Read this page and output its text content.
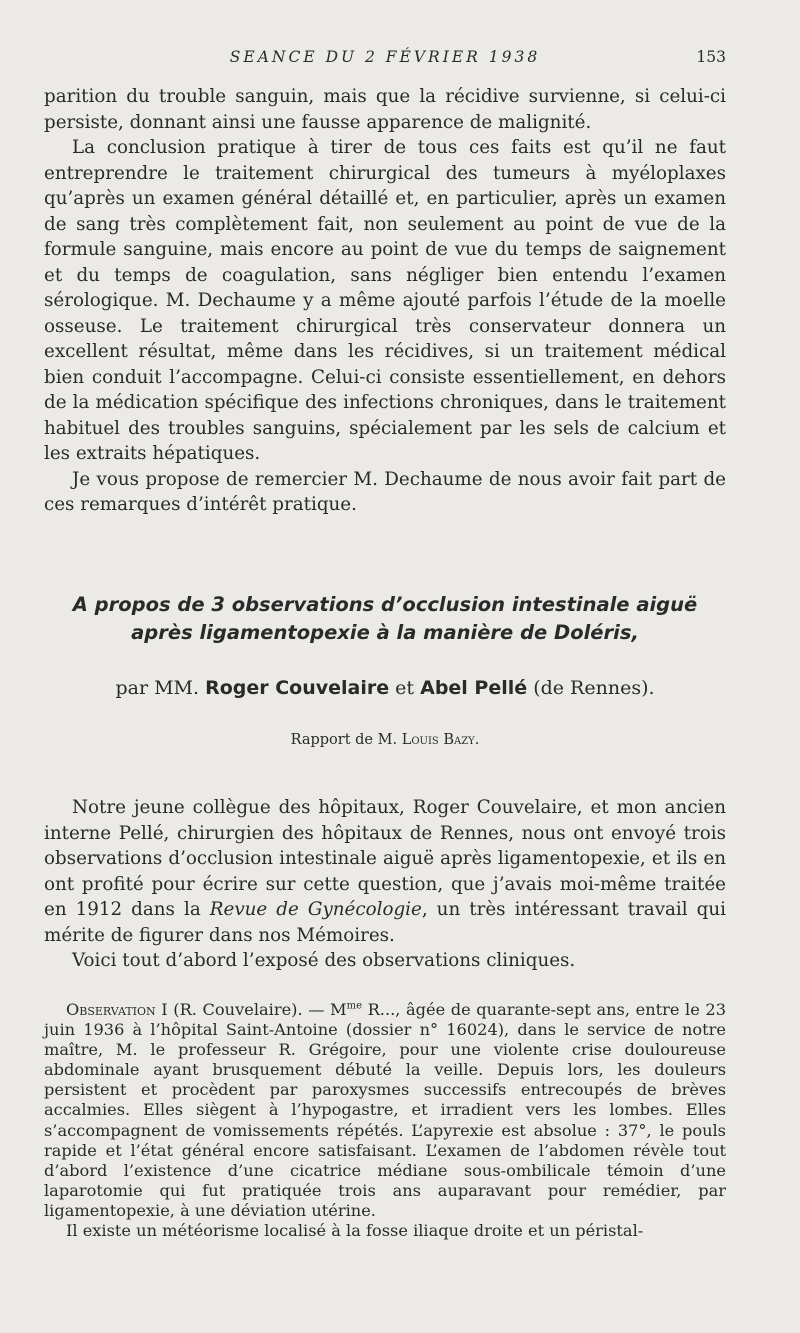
SEANCE DU 2 FÉVRIER 1938	153

parition du trouble sanguin, mais que la récidive survienne, si celui-ci persiste, donnant ainsi une fausse apparence de malignité.

La conclusion pratique à tirer de tous ces faits est qu’il ne faut entreprendre le traitement chirurgical des tumeurs à myéloplaxes qu’après un examen général détaillé et, en particulier, après un examen de sang très complètement fait, non seulement au point de vue de la formule sanguine, mais encore au point de vue du temps de saignement et du temps de coagulation, sans négliger bien entendu l’examen sérologique. M. Dechaume y a même ajouté parfois l’étude de la moelle osseuse. Le traitement chirurgical très conservateur donnera un excellent résultat, même dans les récidives, si un traitement médical bien conduit l’accompagne. Celui-ci consiste essentiellement, en dehors de la médication spécifique des infections chroniques, dans le traitement habituel des troubles sanguins, spécialement par les sels de calcium et les extraits hépatiques.

Je vous propose de remercier M. Dechaume de nous avoir fait part de ces remarques d’intérêt pratique.

A propos de 3 observations d’occlusion intestinale aiguë
après ligamentopexie à la manière de Doléris,
par MM. Roger Couvelaire et Abel Pellé (de Rennes).
Rapport de M. Louis Bazy.

Notre jeune collègue des hôpitaux, Roger Couvelaire, et mon ancien interne Pellé, chirurgien des hôpitaux de Rennes, nous ont envoyé trois observations d’occlusion intestinale aiguë après ligamentopexie, et ils en ont profité pour écrire sur cette question, que j’avais moi-même traitée en 1912 dans la Revue de Gynécologie, un très intéressant travail qui mérite de figurer dans nos Mémoires.

Voici tout d’abord l’exposé des observations cliniques.

Observation I (R. Couvelaire). — $M^{me}$ R..., âgée de quarante-sept ans, entre le 23 juin 1936 à l’hôpital Saint-Antoine (dossier n° 16024), dans le service de notre maître, M. le professeur R. Grégoire, pour une violente crise douloureuse abdominale ayant brusquement débuté la veille. Depuis lors, les douleurs persistent et procèdent par paroxysmes successifs entrecoupés de brèves accalmies. Elles siègent à l’hypogastre, et irradient vers les lombes. Elles s’accompagnent de vomissements répétés. L’apyrexie est absolue : 37°, le pouls rapide et l’état général encore satisfaisant. L’examen de l’abdomen révèle tout d’abord l’existence d’une cicatrice médiane sous-ombilicale témoin d’une laparotomie qui fut pratiquée trois ans auparavant pour remédier, par ligamentopexie, à une déviation utérine.

Il existe un météorisme localisé à la fosse iliaque droite et un péristal-
